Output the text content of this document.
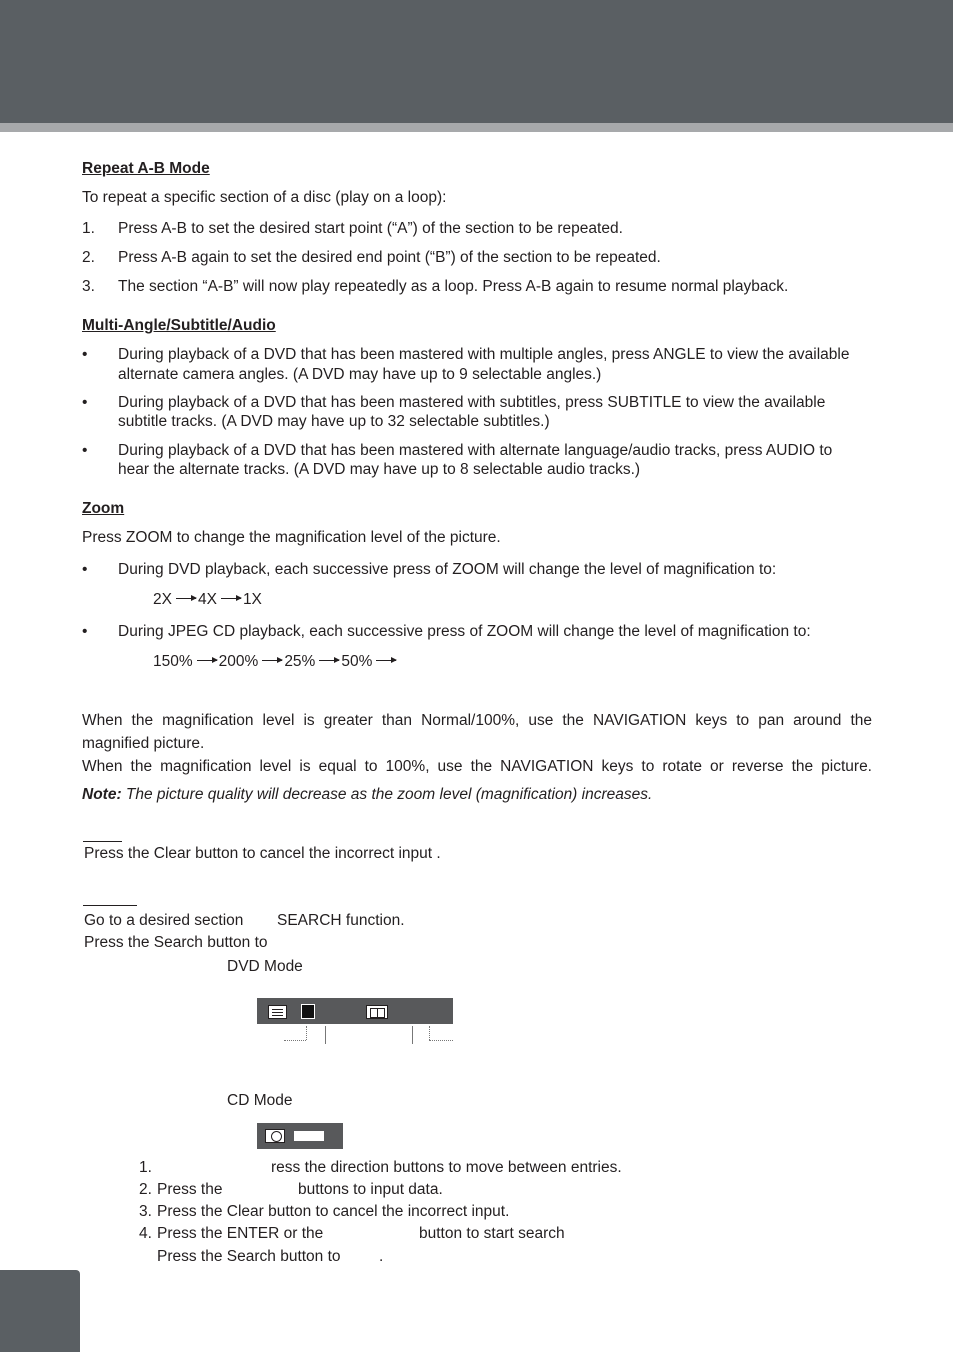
Repeat A-B Mode
To repeat a specific section of a disc (play on a loop):
1. Press A-B to set the desired start point (“A”) of the section to be repeated.
2. Press A-B again to set the desired end point (“B”) of the section to be repeated.
3. The section “A-B” will now play repeatedly as a loop. Press A-B again to resume normal playback.
Multi-Angle/Subtitle/Audio
• During playback of a DVD that has been mastered with multiple angles, press ANGLE to view the available
alternate camera angles. (A DVD may have up to 9 selectable angles.)
• During playback of a DVD that has been mastered with subtitles, press SUBTITLE to view the available
subtitle tracks. (A DVD may have up to 32 selectable subtitles.)
• During playback of a DVD that has been mastered with alternate language/audio tracks, press AUDIO to
hear the alternate tracks. (A DVD may have up to 8 selectable audio tracks.)
Zoom
Press ZOOM to change the magnification level of the picture.
• During DVD playback, each successive press of ZOOM will change the level of magnification to:
2X 4X 1X
• During JPEG CD playback, each successive press of ZOOM will change the level of magnification to:
150% 200% 25% 50%
When the magnification level is greater than Normal/100%, use the NAVIGATION keys to pan around the
magnified picture.
When the magnification level is equal to 100%, use the NAVIGATION keys to rotate or reverse the picture.
Note: The picture quality will decrease as the zoom level (magnification) increases.
Press the Clear button to cancel the incorrect input .
Go to a desired section SEARCH function.
Press the Search button to
DVD Mode
CD Mode
1.	ress the direction buttons to move between entries.
2. Press the	buttons to input data.
3. Press the Clear button to cancel the incorrect input.
4. Press the ENTER or the	button to start search
Press the Search button to .
